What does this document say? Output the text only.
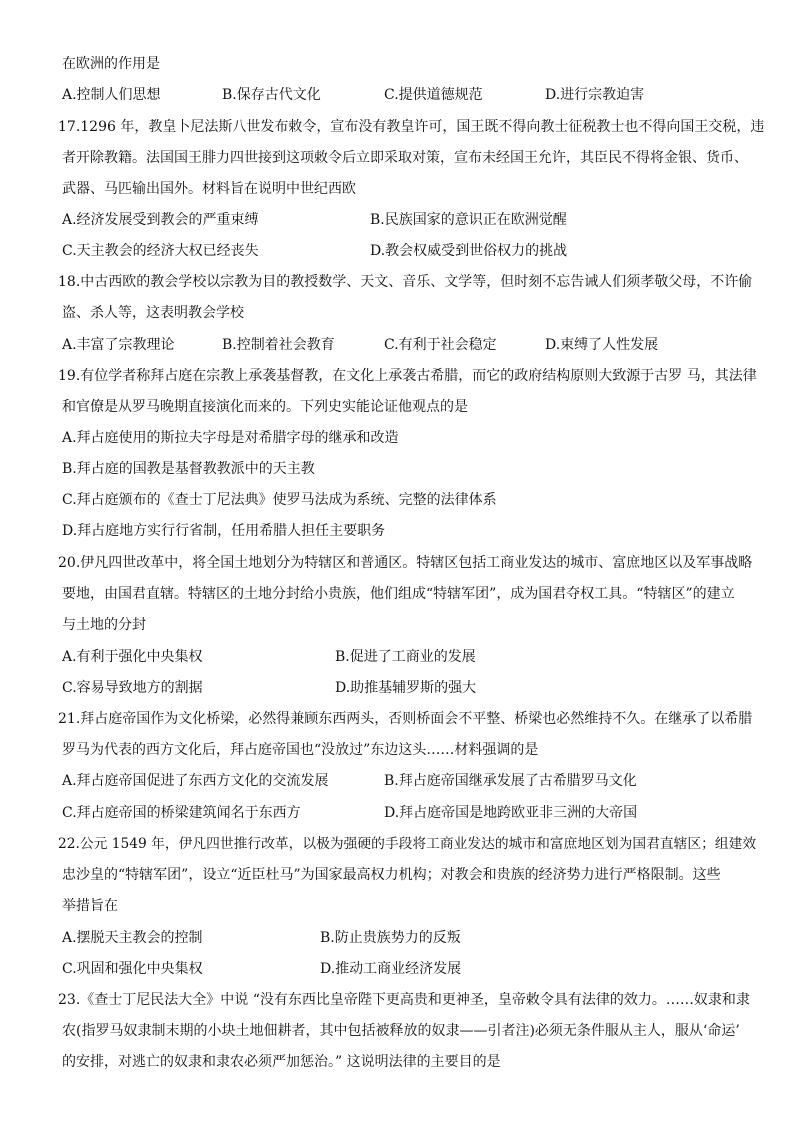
在欧洲的作用是
A.控制人们思想	B.保存古代文化	C.提供道德规范	D.进行宗教迫害
17.1296 年，教皇卜尼法斯八世发布敕令，宣布没有教皇许可，国王既不得向教士征税教士也不得向国王交税，违
者开除教籍。法国国王腓力四世接到这项敕令后立即采取对策，宣布未经国王允许，其臣民不得将金银、货币、
武器、马匹输出国外。材料旨在说明中世纪西欧
A.经济发展受到教会的严重束缚	B.民族国家的意识正在欧洲觉醒
C.天主教会的经济大权已经丧失	D.教会权威受到世俗权力的挑战
18.中古西欧的教会学校以宗教为目的教授数学、天文、音乐、文学等，但时刻不忘告诫人们须孝敬父母，不许偷
盗、杀人等，这表明教会学校
A.丰富了宗教理论	B.控制着社会教育	C.有利于社会稳定	D.束缚了人性发展
19.有位学者称拜占庭在宗教上承袭基督教，在文化上承袭古希腊，而它的政府结构原则大致源于古罗 马，其法律
和官僚是从罗马晚期直接演化而来的。下列史实能论证他观点的是
A.拜占庭使用的斯拉夫字母是对希腊字母的继承和改造
B.拜占庭的国教是基督教教派中的天主教
C.拜占庭颁布的《查士丁尼法典》使罗马法成为系统、完整的法律体系
D.拜占庭地方实行行省制，任用希腊人担任主要职务
20.伊凡四世改革中，将全国土地划分为特辖区和普通区。特辖区包括工商业发达的城市、富庶地区以及军事战略
要地，由国君直辖。特辖区的土地分封给小贵族，他们组成“特辖军团”，成为国君夺权工具。“特辖区”的建立
与土地的分封
A.有利于强化中央集权	B.促进了工商业的发展
C.容易导致地方的割据	D.助推基辅罗斯的强大
21.拜占庭帝国作为文化桥梁，必然得兼顾东西两头，否则桥面会不平整、桥梁也必然维持不久。在继承了以希腊
罗马为代表的西方文化后，拜占庭帝国也“没放过”东边这头……材料强调的是
A.拜占庭帝国促进了东西方文化的交流发展	B.拜占庭帝国继承发展了古希腊罗马文化
C.拜占庭帝国的桥梁建筑闻名于东西方	D.拜占庭帝国是地跨欧亚非三洲的大帝国
22.公元 1549 年，伊凡四世推行改革，以极为强硬的手段将工商业发达的城市和富庶地区划为国君直辖区；组建效
忠沙皇的“特辖军团”，设立“近臣杜马”为国家最高权力机构；对教会和贵族的经济势力进行严格限制。这些
举措旨在
A.摆脱天主教会的控制	B.防止贵族势力的反叛
C.巩固和强化中央集权	D.推动工商业经济发展
23.《查士丁尼民法大全》中说 “没有东西比皇帝陛下更高贵和更神圣，皇帝敕令具有法律的效力。……奴隶和隶
农(指罗马奴隶制末期的小块土地佃耕者，其中包括被释放的奴隶——引者注)必须无条件服从主人，服从‘命运’
的安排，对逃亡的奴隶和隶农必须严加惩治。” 这说明法律的主要目的是
